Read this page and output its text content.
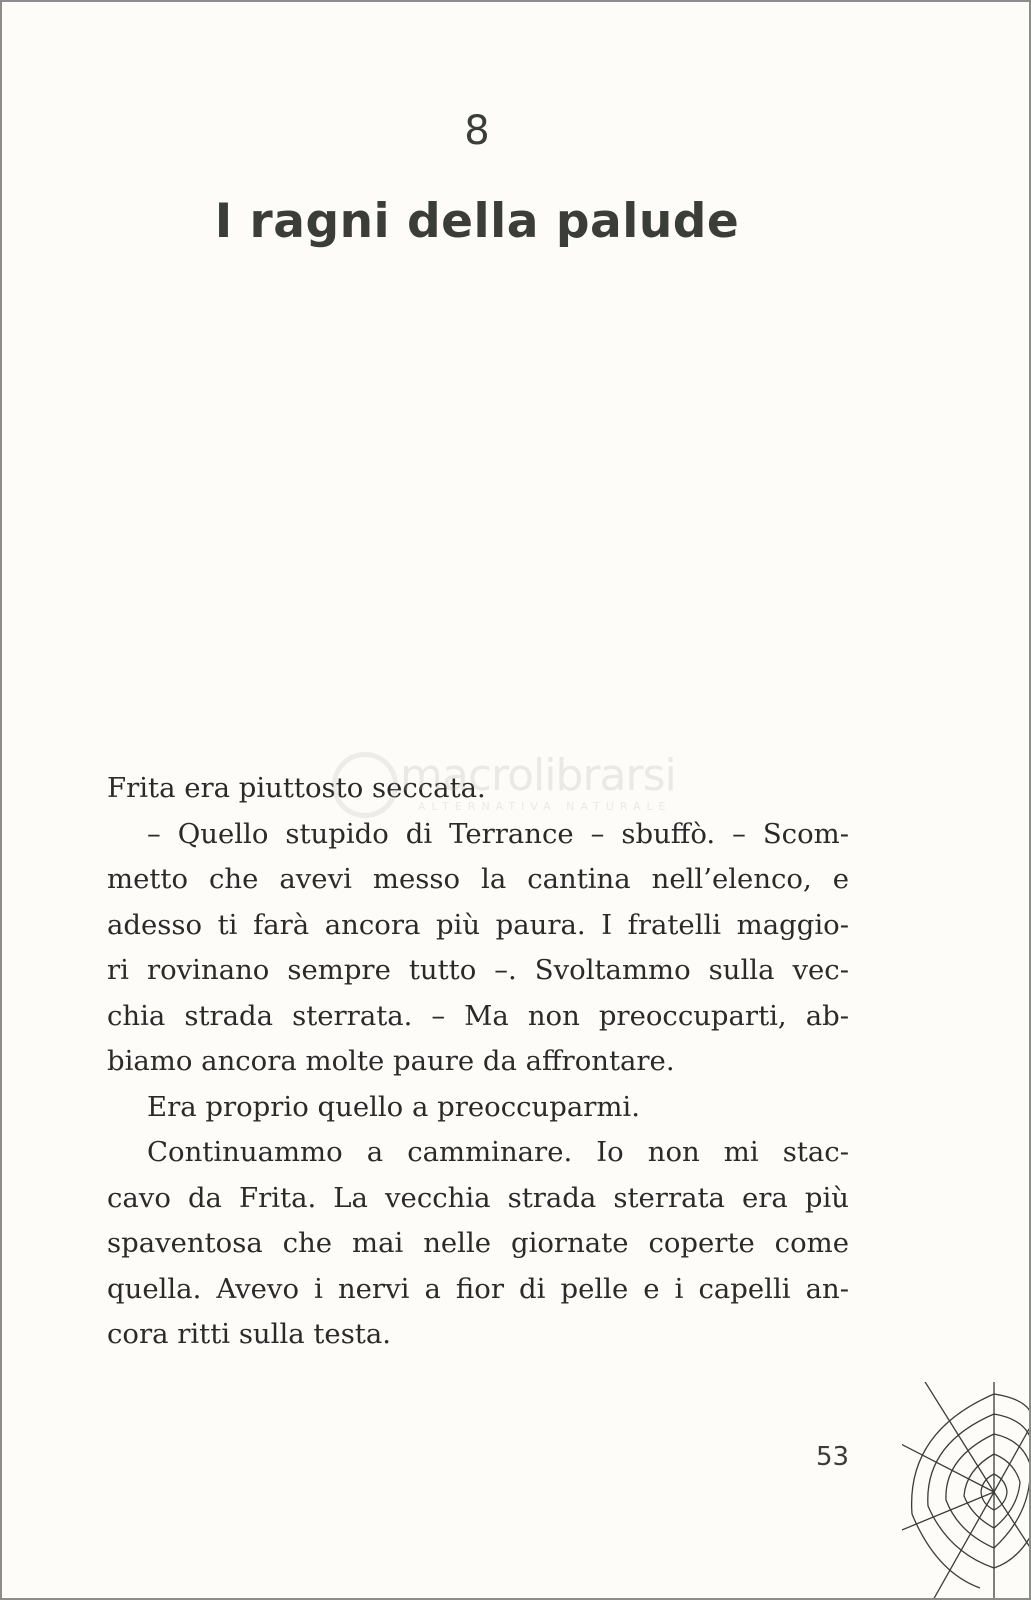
8
I ragni della palude
Frita era piuttosto seccata.
– Quello stupido di Terrance – sbuffò. – Scom-
metto che avevi messo la cantina nell’elenco, e
adesso ti farà ancora più paura. I fratelli maggio-
ri rovinano sempre tutto –. Svoltammo sulla vec-
chia strada sterrata. – Ma non preoccuparti, ab-
biamo ancora molte paure da affrontare.
Era proprio quello a preoccuparmi.
Continuammo a camminare. Io non mi stac-
cavo da Frita. La vecchia strada sterrata era più
spaventosa che mai nelle giornate coperte come
quella. Avevo i nervi a fior di pelle e i capelli an-
cora ritti sulla testa.
macrolibrarsi
ALTERNATIVA NATURALE
53
